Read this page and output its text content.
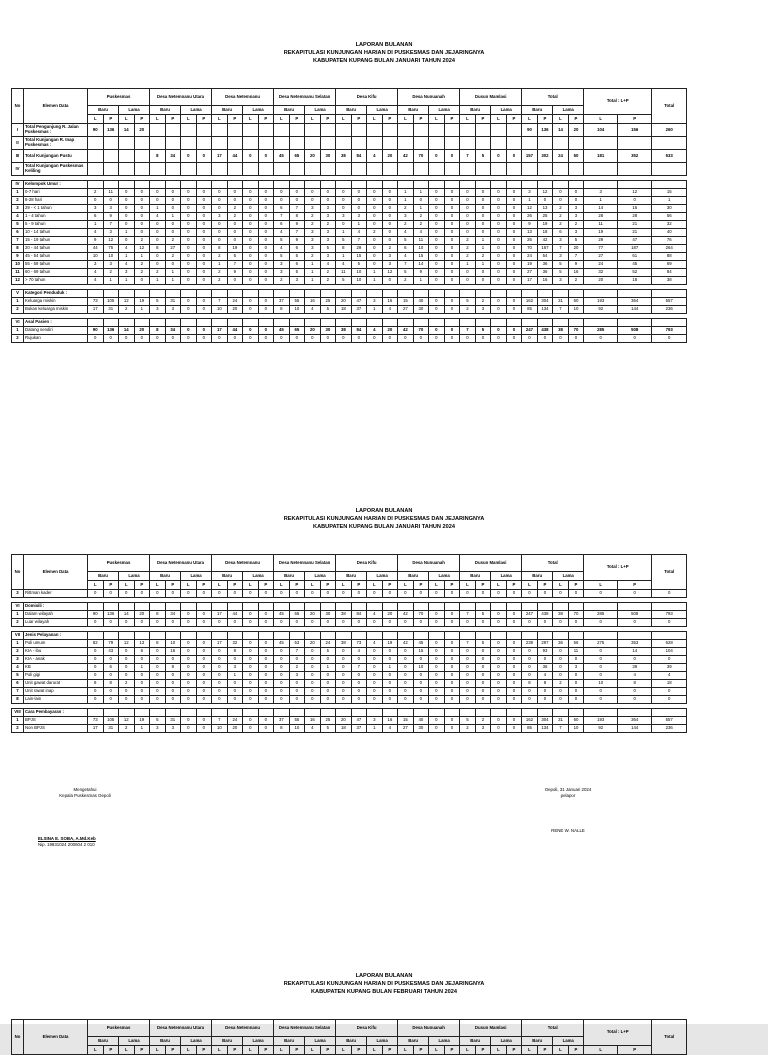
LAPORAN BULANAN
REKAPITULASI KUNJUNGAN HARIAN DI PUSKESMAS DAN JEJARINGNYA
KABUPATEN KUPANG BULAN JANUARI TAHUN 2024
No	Elemen Data	Puskesmas				Desa Netemnanu Utara				Desa Netemnanu				Desa Netemnanu Selatan				Desa Kifu				Desa Nunuanah				Dusun Mamlasi				Total				Total : L+P		Total
		Baru		Lama		Baru		Lama		Baru		Lama		Baru		Lama		Baru		Lama		Baru		Lama		Baru		Lama		Baru		Lama				
		L	P	L	P	L	P	L	P	L	P	L	P	L	P	L	P	L	P	L	P	L	P	L	P	L	P	L	P	L	P	L	P	L	P	
I	Total Pengunjung R. Jalan Puskesmas :	90	136	14	20																									90	136	14	20	104	156	260
II	Total Kunjungan R. Inap Puskesmas :																																			
III	Total Kunjungan Pustu					8	34	0	0	17	44	0	0	45	65	20	30	38	84	4	20	42	70	0	0	7	5	0	0	157	302	24	50	181	352	533
IV	Total Kunjungan Puskesmas Keliling																																			

IV	Kelompok Umur :																																			
1	0-7 hari	2	11	0	0	0	0	0	0	0	0	0	0	0	0	0	0	0	0	0	0	1	1	0	0	0	0	0	0	3	12	0	0	3	12	15
2	8-28 hari	0	0	0	0	0	0	0	0	0	0	0	0	0	0	0	0	0	0	0	0	1	0	0	0	0	0	0	0	1	0	0	0	1	0	1
3	29 - < 1 tahun	3	3	0	0	1	0	0	0	0	2	0	0	6	7	3	3	0	0	0	0	2	1	0	0	0	0	0	0	12	13	2	3	14	16	30
4	1 - 4 tahun	6	9	0	0	4	1	0	0	3	2	0	0	7	8	2	3	3	3	0	0	3	2	0	0	0	0	0	0	26	25	2	3	28	28	56
5	5 - 9 tahun	1	7	0	0	0	0	0	0	0	0	0	0	6	9	2	2	0	1	0	0	2	2	0	0	0	0	0	0	9	19	2	2	11	21	32
6	10 - 14 tahun	4	3	1	0	0	0	0	0	0	0	0	0	4	7	3	3	1	4	2	0	4	4	0	0	0	0	0	0	13	18	6	3	19	21	40
7	15 - 19 tahun	9	12	0	2	0	2	0	0	0	0	0	0	5	9	3	3	5	7	0	0	5	11	0	0	2	1	0	0	26	42	3	5	29	47	76
8	20 - 44 tahun	44	75	4	12	8	27	0	0	8	19	0	0	4	6	3	5	8	29	0	2	6	10	0	0	2	1	0	0	70	167	7	20	77	187	264
9	45 - 54 tahun	10	10	1	1	0	2	0	0	2	5	0	0	5	5	2	3	1	15	0	3	4	15	0	0	2	2	0	0	24	54	3	7	27	61	88
10	55 - 59 tahun	3	3	4	2	0	0	0	0	1	7	0	0	3	6	1	4	4	5	0	3	7	14	0	0	1	1	0	0	19	36	5	9	24	45	69
11	60 - 69 tahun	4	2	3	2	2	1	0	0	2	9	0	0	3	5	1	2	11	10	1	12	5	9	0	0	0	0	0	0	27	36	5	16	32	52	84
12	> 70 tahun	4	1	1	0	1	1	0	0	2	0	0	0	2	3	1	2	5	10	1	0	2	1	0	0	0	0	0	0	17	16	3	2	20	18	38

V	Kategori Penduduk :																																			
1	Keluarga miskin	73	105	12	19	5	31	0	0	7	24	0	0	37	55	16	25	20	47	3	16	15	40	0	0	5	2	0	0	162	304	31	60	193	364	557
2	Bukan keluarga miskin	17	31	2	1	3	3	0	0	10	20	0	0	8	10	4	5	18	37	1	4	27	30	0	0	2	3	0	0	85	134	7	10	92	144	236

VI	Asal Pasien :																																			
1	Datang sendiri	90	136	14	20	8	34	0	0	17	44	0	0	45	65	20	30	38	84	4	20	42	70	0	0	7	5	0	0	247	438	38	70	285	508	793
2	Rujukan	0	0	0	0	0	0	0	0	0	0	0	0	0	0	0	0	0	0	0	0	0	0	0	0	0	0	0	0	0	0	0	0	0	0	0
LAPORAN BULANAN
REKAPITULASI KUNJUNGAN HARIAN DI PUSKESMAS DAN JEJARINGNYA
KABUPATEN KUPANG BULAN JANUARI TAHUN 2024
No	Elemen Data	Puskesmas				Desa Netemnanu Utara				Desa Netemnanu				Desa Netemnanu Selatan				Desa Kifu				Desa Nunuanah				Dusun Mamlasi				Total				Total : L+P		Total
		Baru		Lama		Baru		Lama		Baru		Lama		Baru		Lama		Baru		Lama		Baru		Lama		Baru		Lama		Baru		Lama				
		L	P	L	P	L	P	L	P	L	P	L	P	L	P	L	P	L	P	L	P	L	P	L	P	L	P	L	P	L	P	L	P	L	P	
3	Rittman kader	0	0	0	0	0	0	0	0	0	0	0	0	0	0	0	0	0	0	0	0	0	0	0	0	0	0	0	0	0	0	0	0	0	0	0

VI	Domisili :																																			
1	Dalam wilayah	90	136	14	20	8	34	0	0	17	44	0	0	45	65	20	30	38	84	4	20	42	70	0	0	7	5	0	0	247	438	38	70	285	508	793
2	Luar wilayah	0	0	0	0	0	0	0	0	0	0	0	0	0	0	0	0	0	0	0	0	0	0	0	0	0	0	0	0	0	0	0	0	0	0	0

VII	Jenis Pelayanan :																																			
1	Poli umum	82	79	12	13	8	10	0	0	17	32	0	0	45	53	20	24	38	73	4	19	42	45	0	0	7	5	0	0	239	297	36	56	275	353	628
2	KIA - ibu	0	43	0	6	0	16	0	0	0	8	0	0	0	7	0	5	0	4	0	0	0	15	0	0	0	0	0	0	0	93	0	11	0	14	104
3	KIA - anak	0	0	0	0	0	0	0	0	0	0	0	0	0	0	0	0	0	0	0	0	0	0	0	0	0	0	0	0	0	0	0	0	0	0	0
4	KB	0	6	0	1	0	8	0	0	0	3	0	0	0	2	0	1	0	7	0	1	0	10	0	0	0	0	0	0	0	36	0	3	0	39	39
5	Poli gigi	0	0	0	0	0	0	0	0	0	1	0	0	0	3	0	0	0	0	0	0	0	0	0	0	0	0	0	0	0	4	0	0	0	4	4
6	Unit gawat darurat	8	8	2	0	0	0	0	0	0	0	0	0	0	0	0	0	0	0	0	0	0	0	0	0	0	0	0	0	8	8	2	0	10	8	18
7	Unit rawat inap	0	0	0	0	0	0	0	0	0	0	0	0	0	0	0	0	0	0	0	0	0	0	0	0	0	0	0	0	0	0	0	0	0	0	0
8	Lain-lain	0	0	0	0	0	0	0	0	0	0	0	0	0	0	0	0	0	0	0	0	0	0	0	0	0	0	0	0	0	0	0	0	0	0	0

VIII	Cara Pembayaran :																																			
1	BPJS	73	105	12	19	5	31	0	0	7	24	0	0	37	55	16	25	20	47	3	16	15	40	0	0	5	2	0	0	162	304	31	60	193	364	557
2	Non BPJS	17	31	2	1	3	3	0	0	10	20	0	0	8	10	4	5	18	37	1	4	27	30	0	0	2	3	0	0	85	134	7	10	92	144	236
Mengetahui
Kepala Puskesmas Oepoli
ELSINA E. SOBA, A.Md.Keb
Nip. 19831024 200604 2 010
Oepoli, 31 Januari 2024
pelapor
RENE W. NALLE
LAPORAN BULANAN
REKAPITULASI KUNJUNGAN HARIAN DI PUSKESMAS DAN JEJARINGNYA
KABUPATEN KUPANG BULAN FEBRUARI TAHUN 2024
No	Elemen Data	Puskesmas				Desa Netemnanu Utara				Desa Netemnanu				Desa Netemnanu Selatan				Desa Kifu				Desa Nunuanah				Dusun Mamlasi				Total				Total : L+P		Total
		Baru		Lama		Baru		Lama		Baru		Lama		Baru		Lama		Baru		Lama		Baru		Lama		Baru		Lama		Baru		Lama				
		L	P	L	P	L	P	L	P	L	P	L	P	L	P	L	P	L	P	L	P	L	P	L	P	L	P	L	P	L	P	L	P	L	P	
